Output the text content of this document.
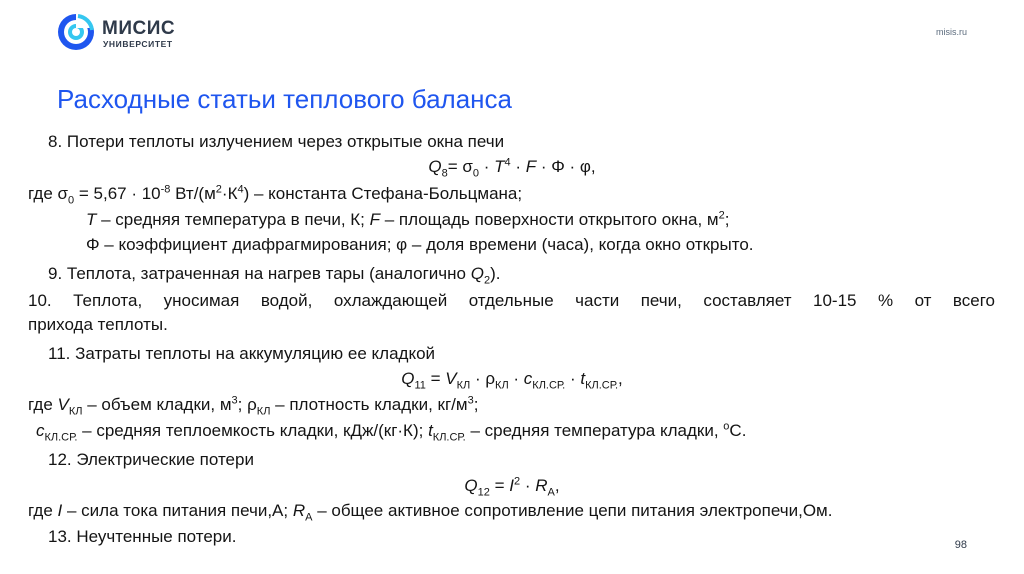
МИСИС
УНИВЕРСИТЕТ
misis.ru
Расходные статьи теплового баланса
8. Потери теплоты излучением через открытые окна печи
$Q_8= \sigma_0 \cdot T^4 \cdot F \cdot \Phi \cdot \varphi$,
где $\sigma_0 = 5,67 \cdot 10^{-8}$ $Вт/(м^2\cdot К^4)$ – константа Стефана-Больцмана;
T – средняя температура в печи, К; F – площадь поверхности открытого окна, $м^2$;
Φ – коэффициент диафрагмирования; φ – доля времени (часа), когда окно открыто.
9. Теплота, затраченная на нагрев тары (аналогично $Q_2$).
10. Теплота, уносимая водой, охлаждающей отдельные части печи, составляет 10-15 % от всего
прихода теплоты.
11. Затраты теплоты на аккумуляцию ее кладкой
$Q_{11} = V_{КЛ} \cdot \rho_{КЛ} \cdot c_{КЛ.СР.} \cdot t_{КЛ.СР.}$,
где $V_{КЛ}$ – объем кладки, $м^3$; $\rho_{КЛ}$ – плотность кладки, $кг/м^3$;
$c_{КЛ.СР.}$ – средняя теплоемкость кладки, кДж/(кг·К); $t_{КЛ.СР.}$ – средняя температура кладки, $^о$С.
12. Электрические потери
$Q_{12} = I^2 \cdot R_A$,
где I – сила тока питания печи,А; $R_A$ – общее активное сопротивление цепи питания электропечи,Ом.
13. Неучтенные потери.	98
